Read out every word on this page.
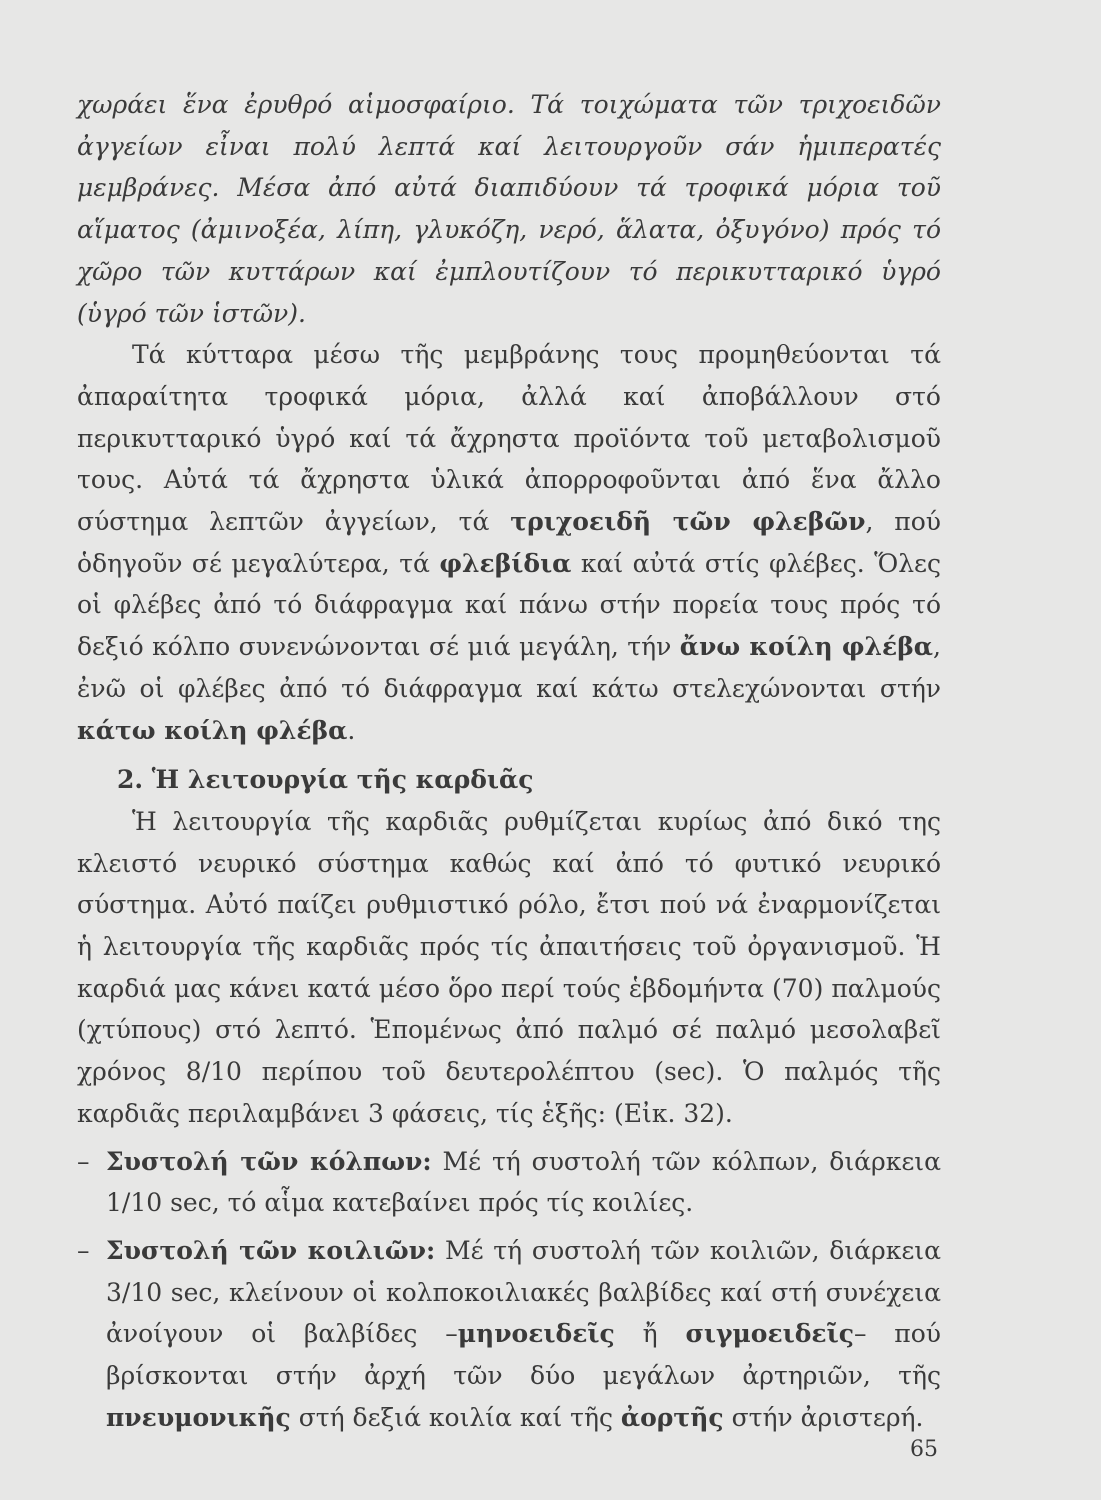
χωράει ἕνα ἐρυθρό αἱμοσφαίριο. Τά τοιχώματα τῶν τριχοειδῶν ἀγγείων εἶναι πολύ λεπτά καί λειτουργοῦν σάν ἡμιπερατές μεμβράνες. Μέσα ἀπό αὐτά διαπιδύουν τά τροφικά μόρια τοῦ αἵματος (ἀμινοξέα, λίπη, γλυκόζη, νερό, ἅλατα, ὀξυγόνο) πρός τό χῶρο τῶν κυττάρων καί ἐμπλουτίζουν τό περικυτταρικό ὑγρό (ὑγρό τῶν ἱστῶν).

Τά κύτταρα μέσω τῆς μεμβράνης τους προμηθεύονται τά ἀπαραίτητα τροφικά μόρια, ἀλλά καί ἀποβάλλουν στό περικυτταρικό ὑγρό καί τά ἄχρηστα προϊόντα τοῦ μεταβολισμοῦ τους. Αὐτά τά ἄχρηστα ὑλικά ἀπορροφοῦνται ἀπό ἕνα ἄλλο σύστημα λεπτῶν ἀγγείων, τά τριχοειδῆ τῶν φλεβῶν, πού ὁδηγοῦν σέ μεγαλύτερα, τά φλεβίδια καί αὐτά στίς φλέβες. Ὅλες οἱ φλέβες ἀπό τό διάφραγμα καί πάνω στήν πορεία τους πρός τό δεξιό κόλπο συνενώνονται σέ μιά μεγάλη, τήν ἄνω κοίλη φλέβα, ἐνῶ οἱ φλέβες ἀπό τό διάφραγμα καί κάτω στελεχώνονται στήν κάτω κοίλη φλέβα.

2. Ἡ λειτουργία τῆς καρδιᾶς

Ἡ λειτουργία τῆς καρδιᾶς ρυθμίζεται κυρίως ἀπό δικό της κλειστό νευρικό σύστημα καθώς καί ἀπό τό φυτικό νευρικό σύστημα. Αὐτό παίζει ρυθμιστικό ρόλο, ἔτσι πού νά ἐναρμονίζεται ἡ λειτουργία τῆς καρδιᾶς πρός τίς ἀπαιτήσεις τοῦ ὀργανισμοῦ. Ἡ καρδιά μας κάνει κατά μέσο ὅρο περί τούς ἑβδομήντα (70) παλμούς (χτύπους) στό λεπτό. Ἑπομένως ἀπό παλμό σέ παλμό μεσολαβεῖ χρόνος 8/10 περίπου τοῦ δευτερολέπτου (sec). Ὁ παλμός τῆς καρδιᾶς περιλαμβάνει 3 φάσεις, τίς ἑξῆς: (Εἰκ. 32).

– Συστολή τῶν κόλπων: Μέ τή συστολή τῶν κόλπων, διάρκεια 1/10 sec, τό αἷμα κατεβαίνει πρός τίς κοιλίες.

– Συστολή τῶν κοιλιῶν: Μέ τή συστολή τῶν κοιλιῶν, διάρκεια 3/10 sec, κλείνουν οἱ κολποκοιλιακές βαλβίδες καί στή συνέχεια ἀνοίγουν οἱ βαλβίδες –μηνοειδεῖς ἤ σιγμοειδεῖς– πού βρίσκονται στήν ἀρχή τῶν δύο μεγάλων ἀρτηριῶν, τῆς πνευμονικῆς στή δεξιά κοιλία καί τῆς ἀορτῆς στήν ἀριστερή.

65
